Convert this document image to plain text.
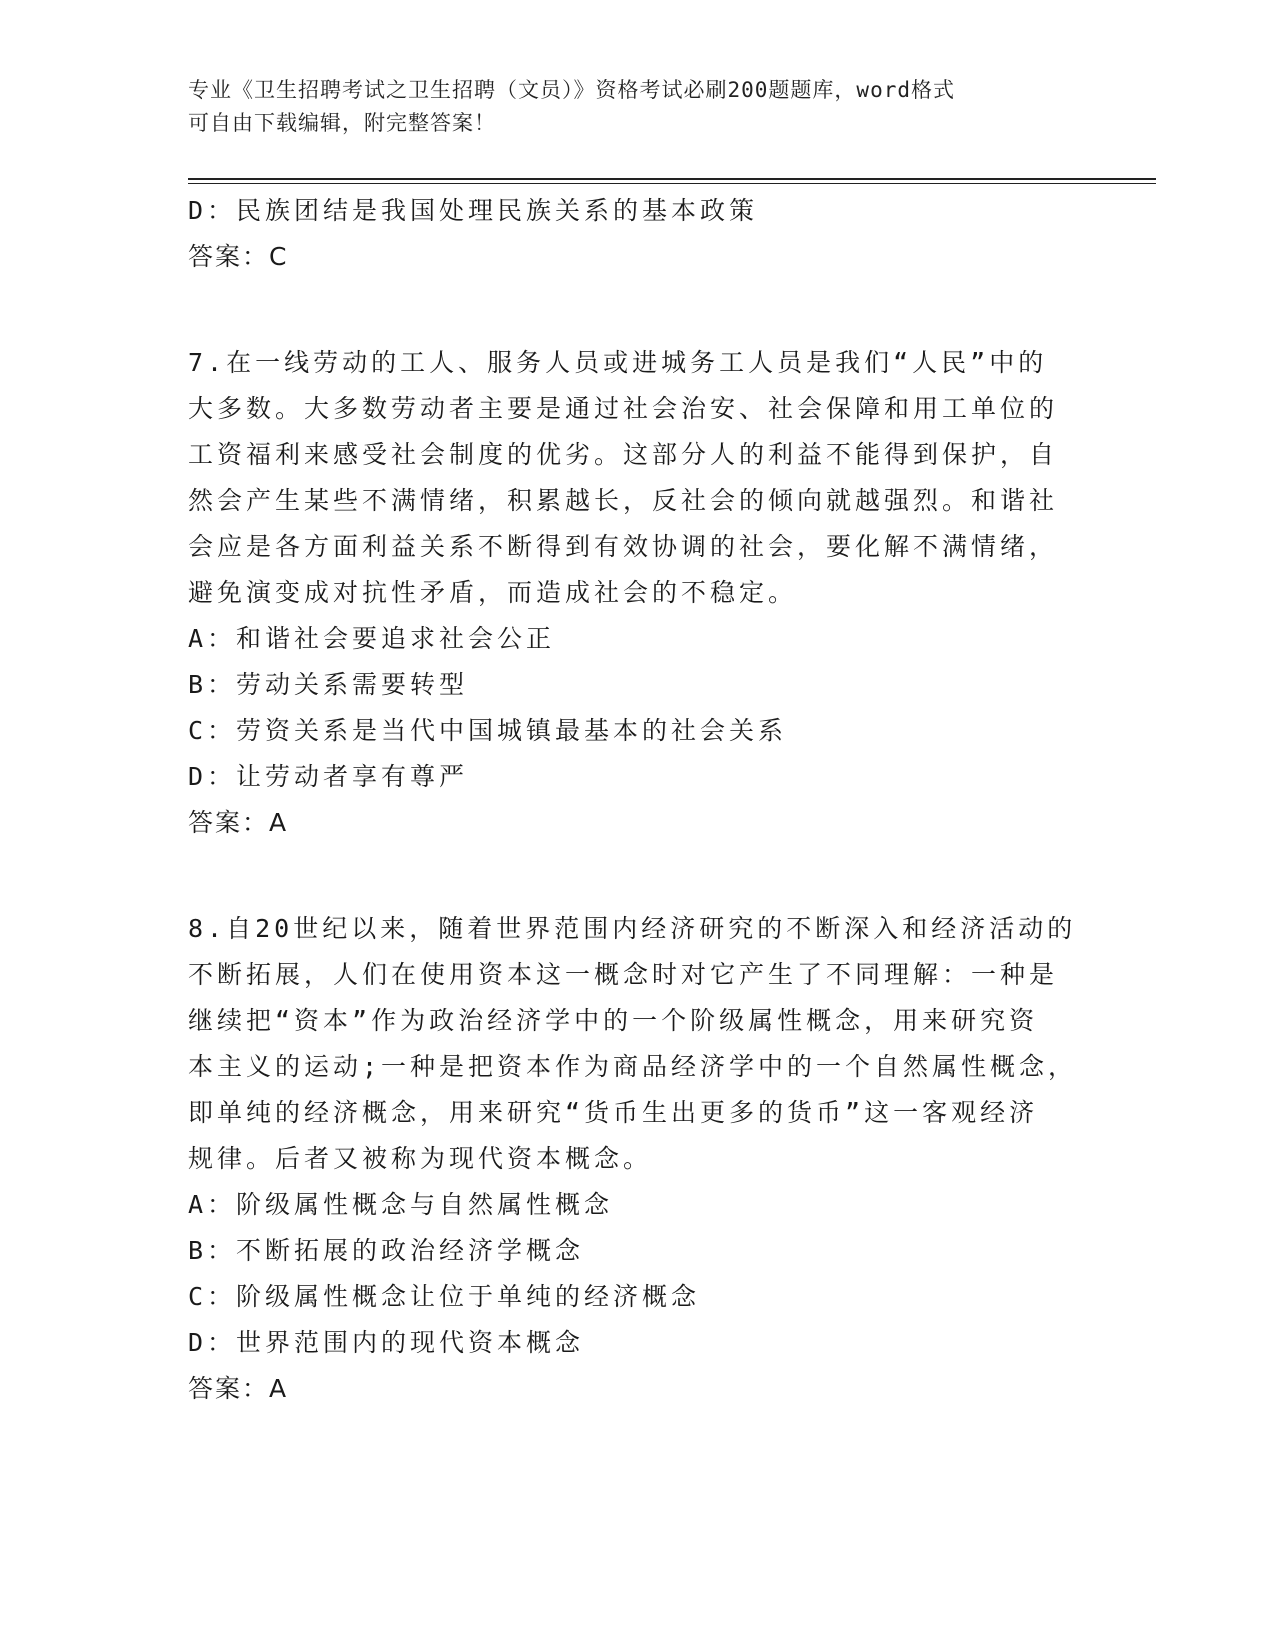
专业《卫生招聘考试之卫生招聘（文员）》资格考试必刷200题题库，word格式
可自由下载编辑，附完整答案！
D：民族团结是我国处理民族关系的基本政策
答案：C
7.在一线劳动的工人、服务人员或进城务工人员是我们“人民”中的
大多数。大多数劳动者主要是通过社会治安、社会保障和用工单位的
工资福利来感受社会制度的优劣。这部分人的利益不能得到保护，自
然会产生某些不满情绪，积累越长，反社会的倾向就越强烈。和谐社
会应是各方面利益关系不断得到有效协调的社会，要化解不满情绪，
避免演变成对抗性矛盾，而造成社会的不稳定。
A：和谐社会要追求社会公正
B：劳动关系需要转型
C：劳资关系是当代中国城镇最基本的社会关系
D：让劳动者享有尊严
答案：A
8.自20世纪以来，随着世界范围内经济研究的不断深入和经济活动的
不断拓展，人们在使用资本这一概念时对它产生了不同理解：一种是
继续把“资本”作为政治经济学中的一个阶级属性概念，用来研究资
本主义的运动;一种是把资本作为商品经济学中的一个自然属性概念，
即单纯的经济概念，用来研究“货币生出更多的货币”这一客观经济
规律。后者又被称为现代资本概念。
A：阶级属性概念与自然属性概念
B：不断拓展的政治经济学概念
C：阶级属性概念让位于单纯的经济概念
D：世界范围内的现代资本概念
答案：A
